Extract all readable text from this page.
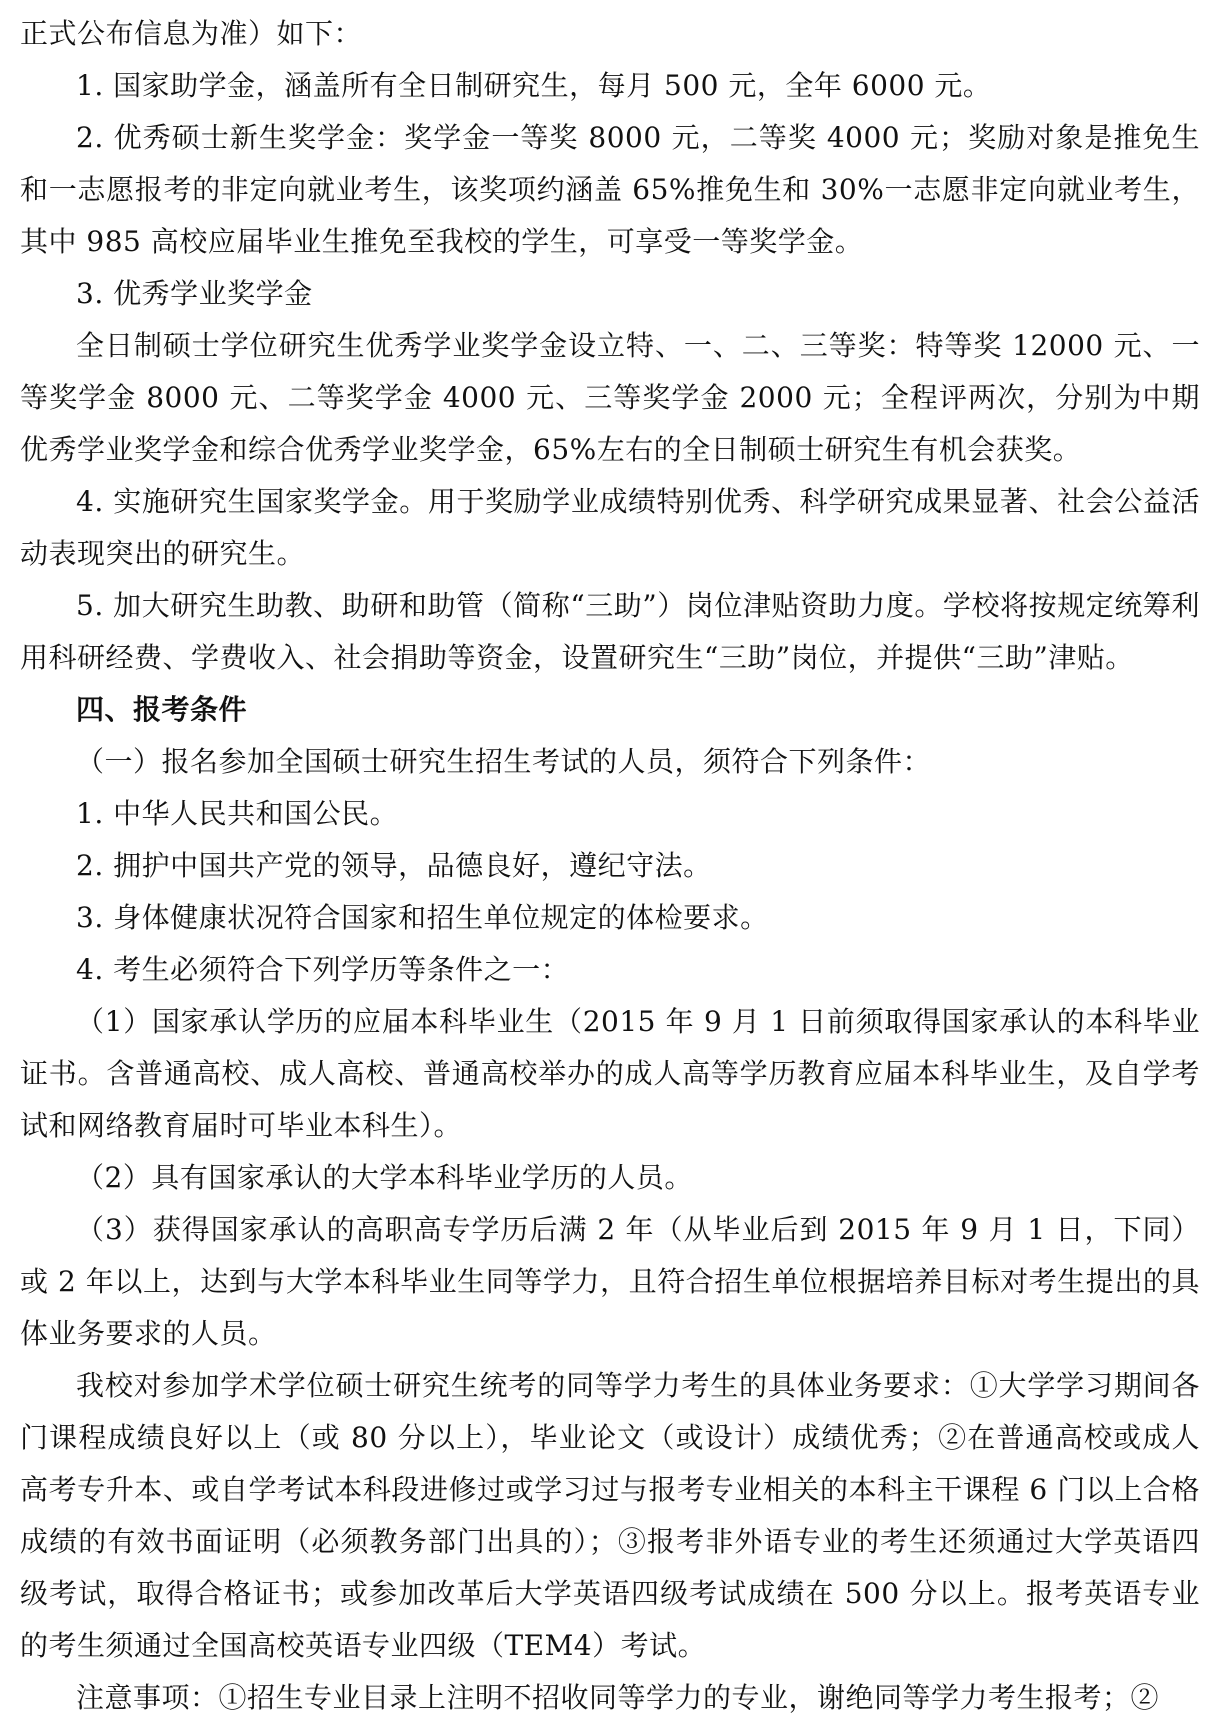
正式公布信息为准）如下：

1. 国家助学金，涵盖所有全日制研究生，每月 500 元，全年 6000 元。

2. 优秀硕士新生奖学金：奖学金一等奖 8000 元，二等奖 4000 元；奖励对象是推免生和一志愿报考的非定向就业考生，该奖项约涵盖 65%推免生和 30%一志愿非定向就业考生，其中 985 高校应届毕业生推免至我校的学生，可享受一等奖学金。

3. 优秀学业奖学金

全日制硕士学位研究生优秀学业奖学金设立特、一、二、三等奖：特等奖 12000 元、一等奖学金 8000 元、二等奖学金 4000 元、三等奖学金 2000 元；全程评两次，分别为中期优秀学业奖学金和综合优秀学业奖学金，65%左右的全日制硕士研究生有机会获奖。

4. 实施研究生国家奖学金。用于奖励学业成绩特别优秀、科学研究成果显著、社会公益活动表现突出的研究生。

5. 加大研究生助教、助研和助管（简称“三助”）岗位津贴资助力度。学校将按规定统筹利用科研经费、学费收入、社会捐助等资金，设置研究生“三助”岗位，并提供“三助”津贴。

四、报考条件

（一）报名参加全国硕士研究生招生考试的人员，须符合下列条件：

1. 中华人民共和国公民。

2. 拥护中国共产党的领导，品德良好，遵纪守法。

3. 身体健康状况符合国家和招生单位规定的体检要求。

4. 考生必须符合下列学历等条件之一：

（1）国家承认学历的应届本科毕业生（2015 年 9 月 1 日前须取得国家承认的本科毕业证书。含普通高校、成人高校、普通高校举办的成人高等学历教育应届本科毕业生，及自学考试和网络教育届时可毕业本科生）。

（2）具有国家承认的大学本科毕业学历的人员。

（3）获得国家承认的高职高专学历后满 2 年（从毕业后到 2015 年 9 月 1 日，下同）或 2 年以上，达到与大学本科毕业生同等学力，且符合招生单位根据培养目标对考生提出的具体业务要求的人员。

我校对参加学术学位硕士研究生统考的同等学力考生的具体业务要求：①大学学习期间各门课程成绩良好以上（或 80 分以上），毕业论文（或设计）成绩优秀；②在普通高校或成人高考专升本、或自学考试本科段进修过或学习过与报考专业相关的本科主干课程 6 门以上合格成绩的有效书面证明（必须教务部门出具的）；③报考非外语专业的考生还须通过大学英语四级考试，取得合格证书；或参加改革后大学英语四级考试成绩在 500 分以上。报考英语专业的考生须通过全国高校英语专业四级（TEM4）考试。

注意事项：①招生专业目录上注明不招收同等学力的专业，谢绝同等学力考生报考；②
